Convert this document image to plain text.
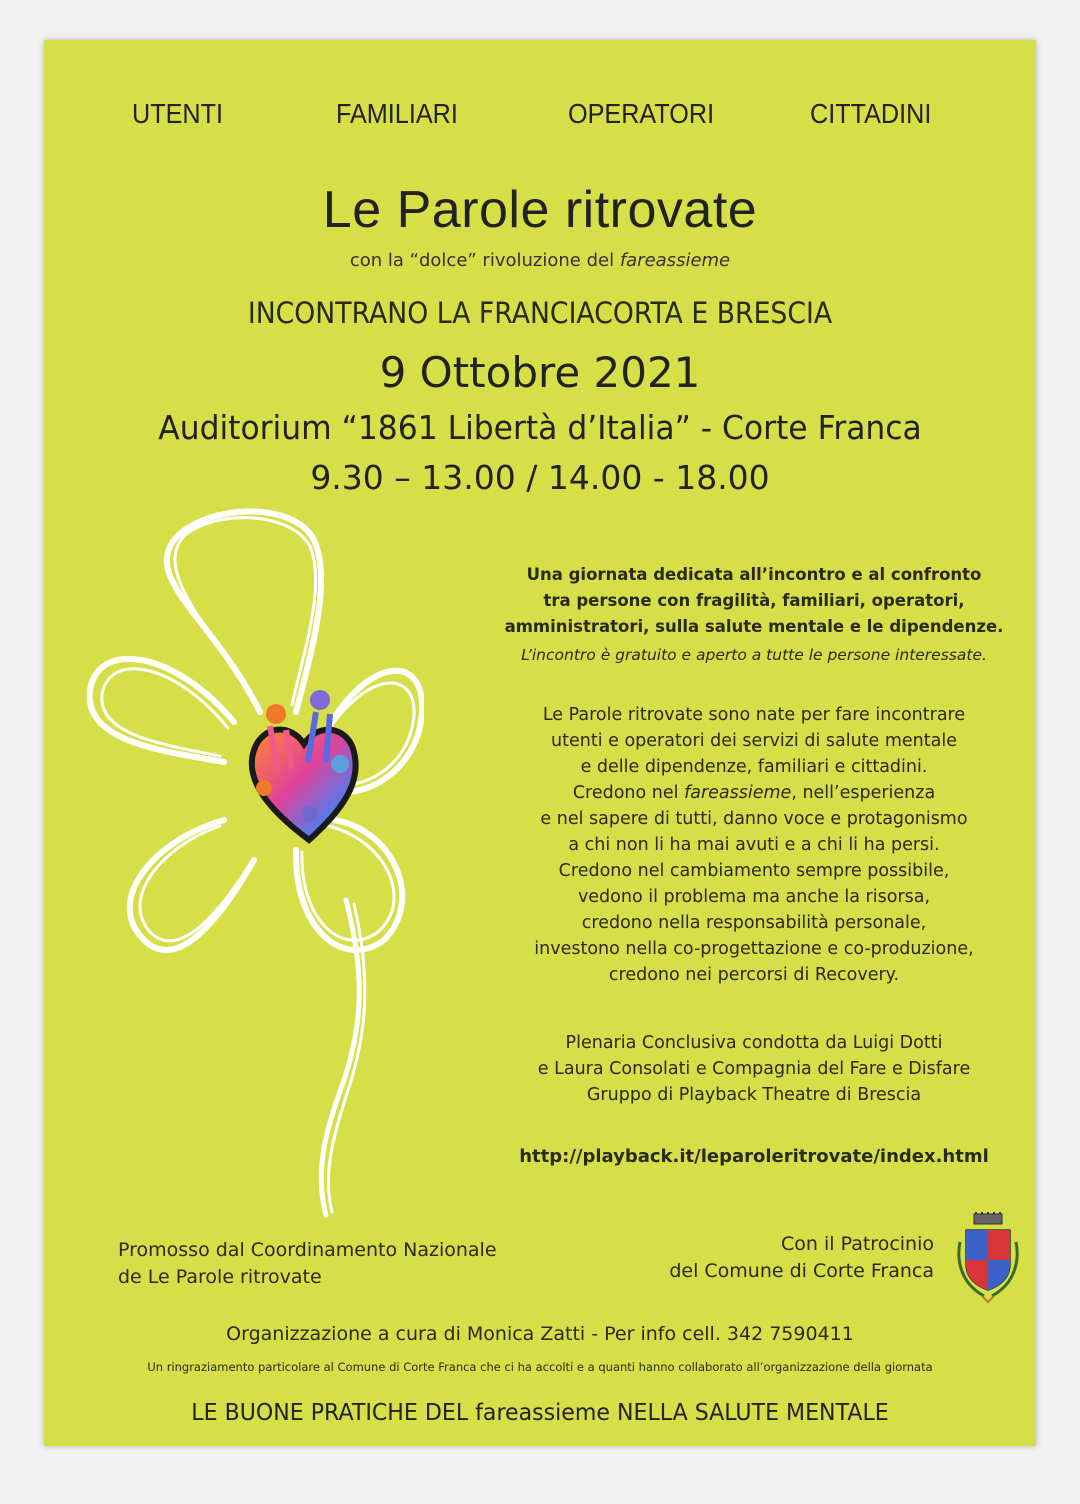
UTENTI	FAMILIARI	OPERATORI	CITTADINI
Le Parole ritrovate
con la “dolce” rivoluzione del fareassieme
INCONTRANO LA FRANCIACORTA E BRESCIA
9 Ottobre 2021
Auditorium “1861 Libertà d’Italia” - Corte Franca
9.30 – 13.00 / 14.00 - 18.00
Una giornata dedicata all’incontro e al confronto
tra persone con fragilità, familiari, operatori,
amministratori, sulla salute mentale e le dipendenze.
L’incontro è gratuito e aperto a tutte le persone interessate.
Le Parole ritrovate sono nate per fare incontrare
utenti e operatori dei servizi di salute mentale
e delle dipendenze, familiari e cittadini.
Credono nel fareassieme, nell’esperienza
e nel sapere di tutti, danno voce e protagonismo
a chi non li ha mai avuti e a chi li ha persi.
Credono nel cambiamento sempre possibile,
vedono il problema ma anche la risorsa,
credono nella responsabilità personale,
investono nella co-progettazione e co-produzione,
credono nei percorsi di Recovery.
Plenaria Conclusiva condotta da Luigi Dotti
e Laura Consolati e Compagnia del Fare e Disfare
Gruppo di Playback Theatre di Brescia
http://playback.it/leparoleritrovate/index.html
Promosso dal Coordinamento Nazionale
de Le Parole ritrovate
Con il Patrocinio
del Comune di Corte Franca
Organizzazione a cura di Monica Zatti - Per info cell. 342 7590411
Un ringraziamento particolare al Comune di Corte Franca che ci ha accolti e a quanti hanno collaborato all’organizzazione della giornata
LE BUONE PRATICHE DEL fareassieme NELLA SALUTE MENTALE
